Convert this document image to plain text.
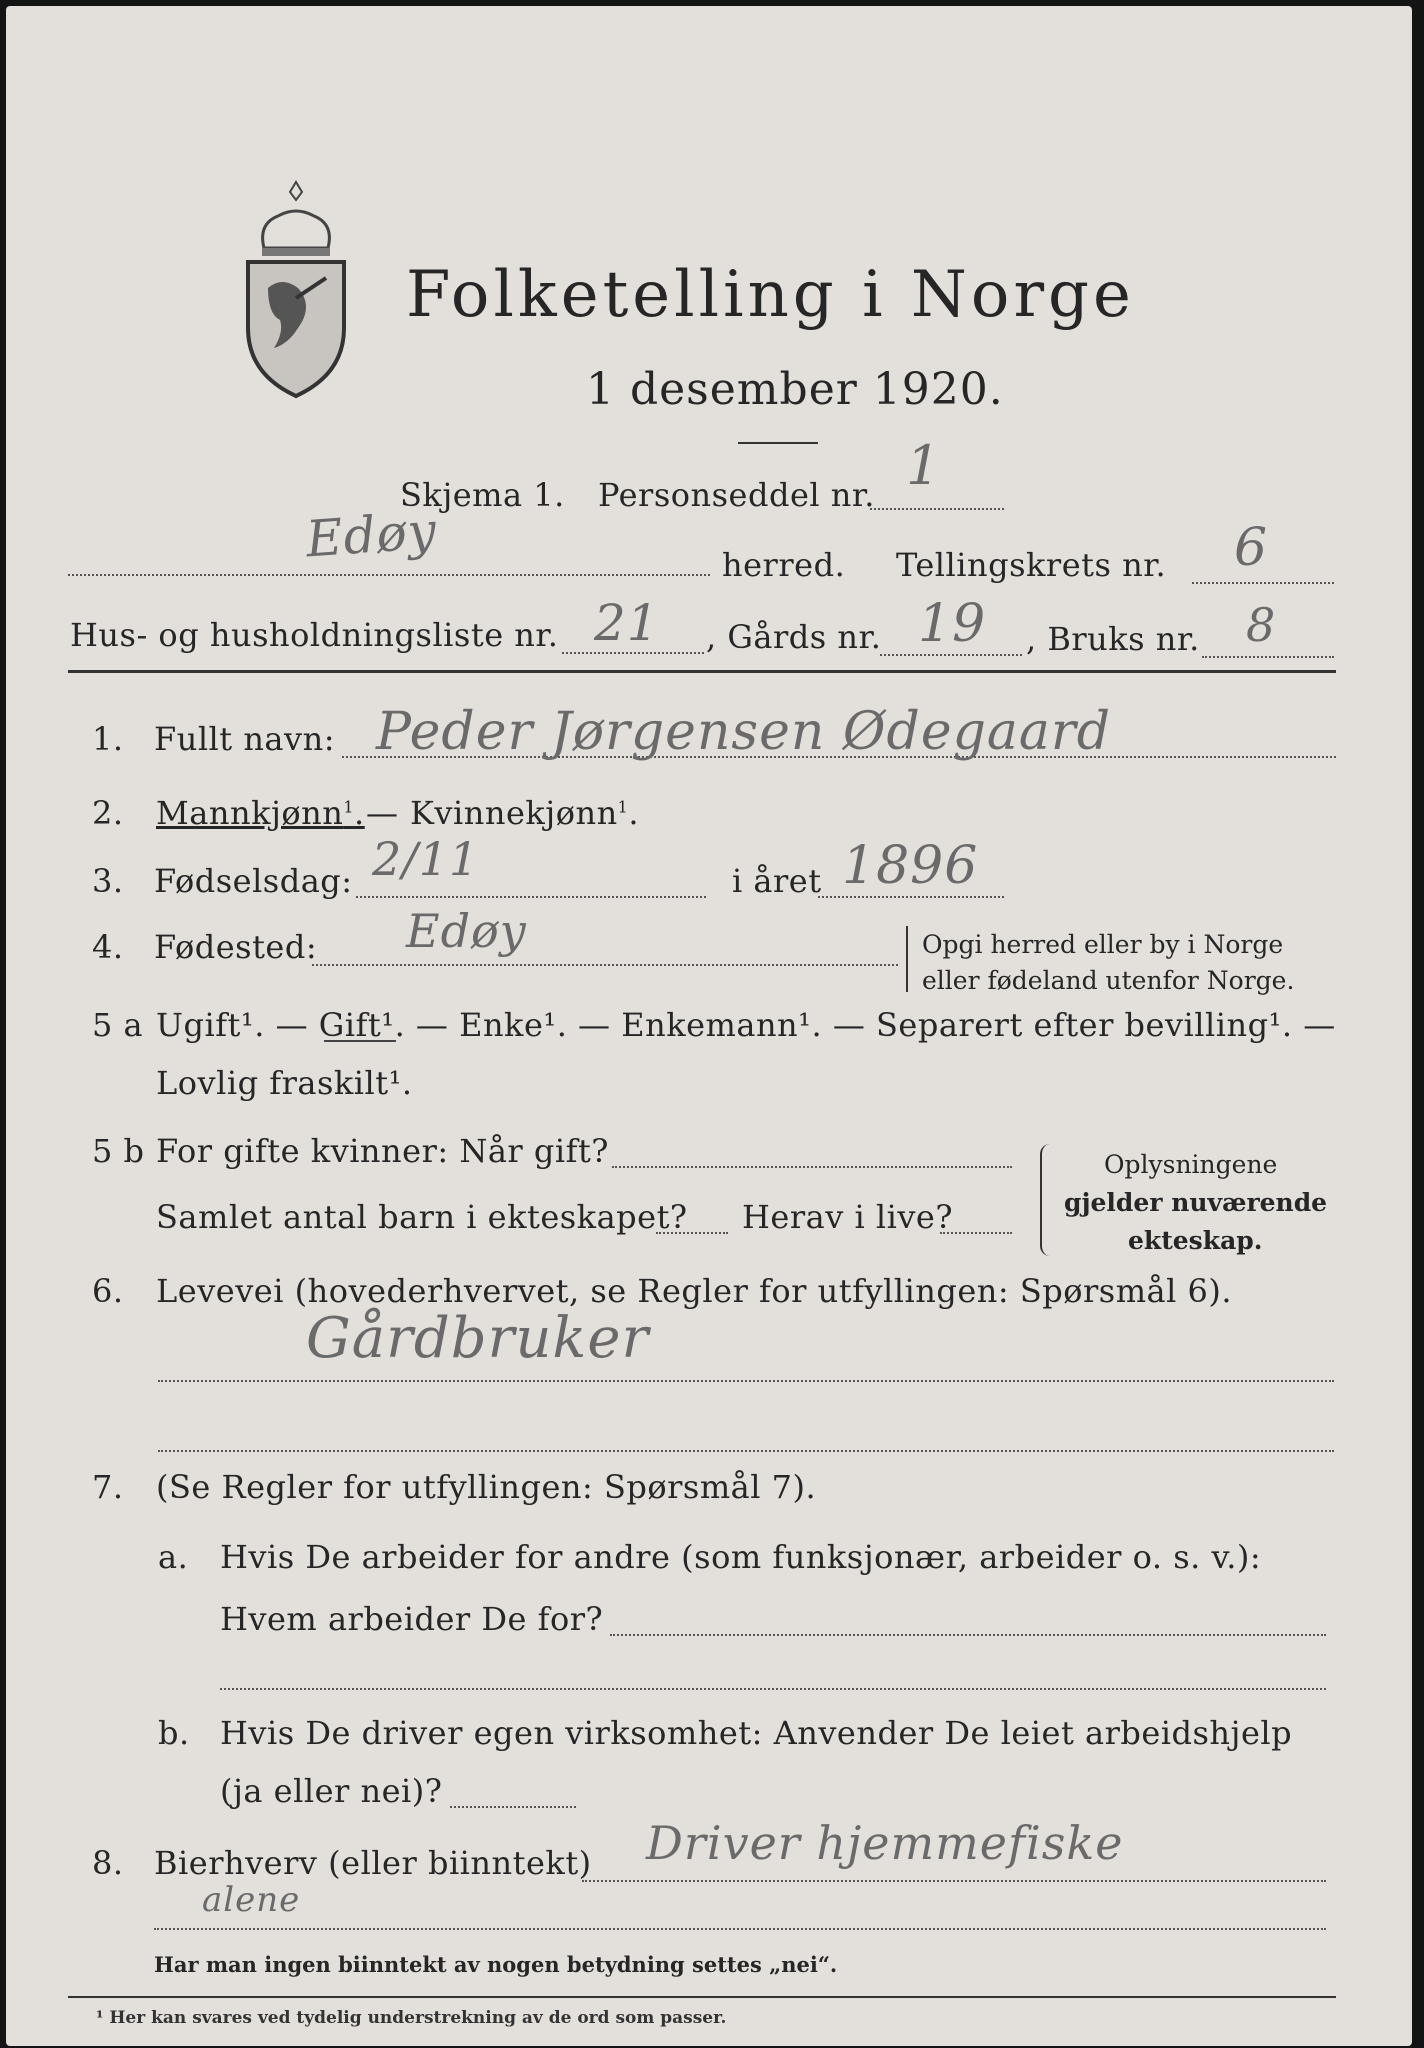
Folketelling i Norge
1 desember 1920.
Skjema 1. Personseddel nr. 1
Edøy	herred. Tellingskrets nr. 6
Hus- og husholdningsliste nr. 21 , Gårds nr. 19 , Bruks nr. 8
1. Fullt navn: Peder Jørgensen Ødegaard
2. Mannkjønn$^1$. — Kvinnekjønn$^1$.
3. Fødselsdag: 2/11	i året 1896
4. Fødested: Edøy	Opgi herred eller by i Norge
eller fødeland utenfor Norge.
5 a Ugift¹. — Gift¹. — Enke¹. — Enkemann¹. — Separert efter bevilling¹. —
Lovlig fraskilt¹.
5 b For gifte kvinner: Når gift?
Samlet antal barn i ekteskapet? Herav i live?
Oplysningene
gjelder nuværende
ekteskap.
6. Levevei (hovederhvervet, se Regler for utfyllingen: Spørsmål 6).
Gårdbruker
7. (Se Regler for utfyllingen: Spørsmål 7).
a. Hvis De arbeider for andre (som funksjonær, arbeider o. s. v.):
Hvem arbeider De for?
b. Hvis De driver egen virksomhet: Anvender De leiet arbeidshjelp
(ja eller nei)?
8. Bierhverv (eller biinntekt) Driver hjemmefiske
alene
Har man ingen biinntekt av nogen betydning settes „nei“.
¹ Her kan svares ved tydelig understrekning av de ord som passer.
